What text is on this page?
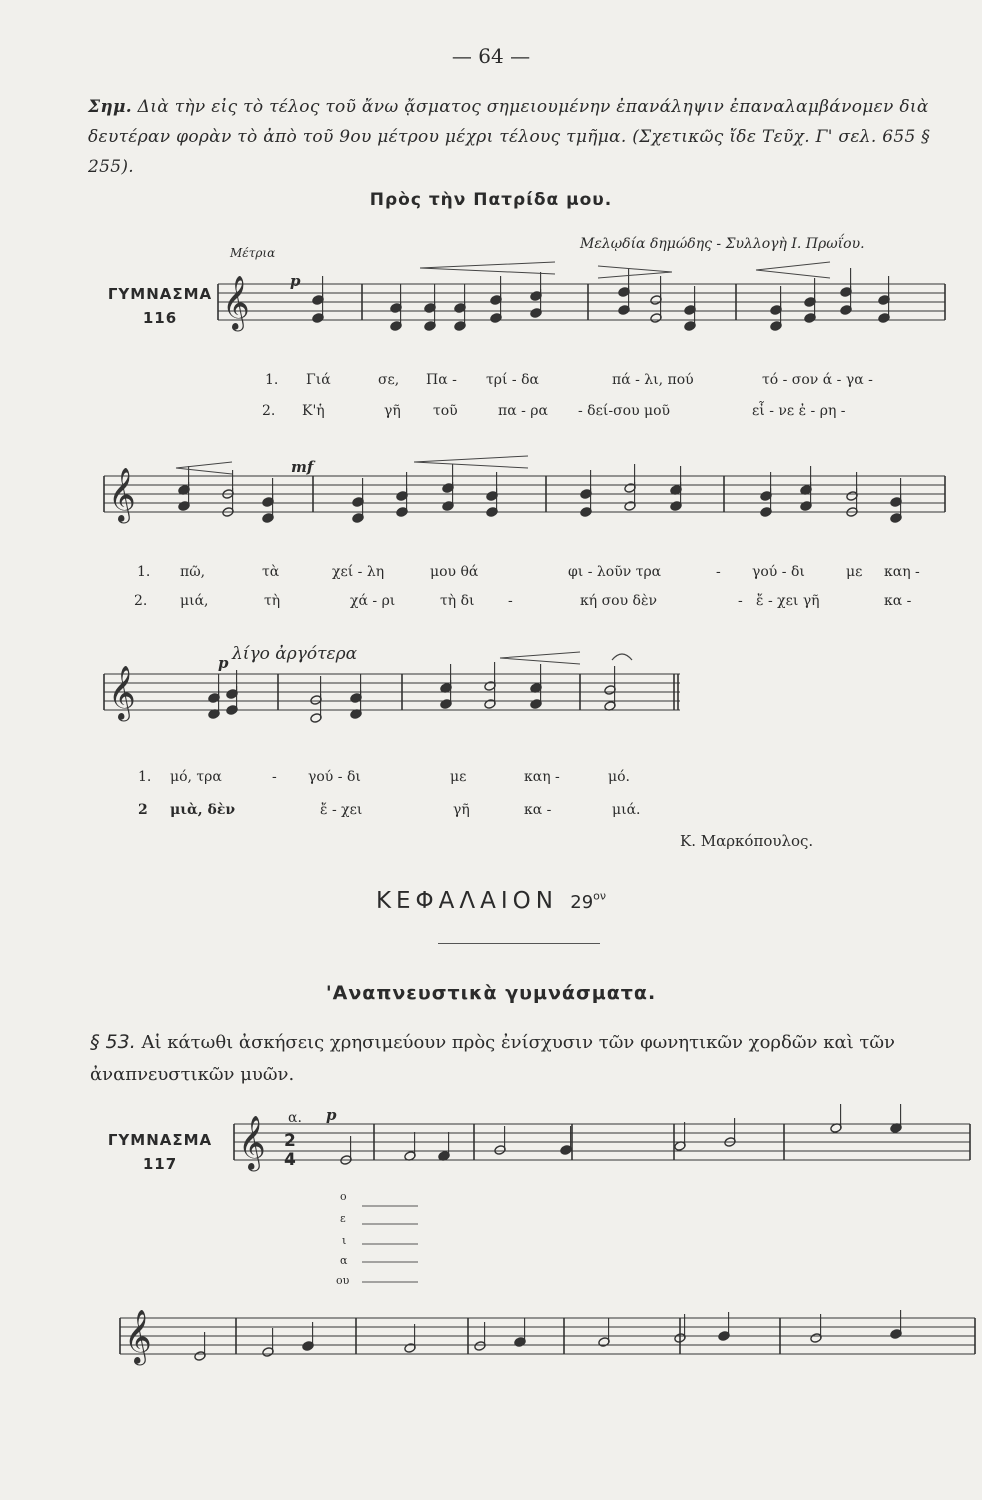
— 64 —
Σημ. Διὰ τὴν εἰς τὸ τέλος τοῦ ἄνω ᾄσματος σημειουμένην ἐπανάληψιν ἐπαναλαμβάνομεν διὰ δευτέραν φορὰν τὸ ἀπὸ τοῦ 9ου μέτρου μέχρι τέλους τμῆμα. (Σχετικῶς ἴδε Τεῦχ. Γ' σελ. 655 § 255).
Πρὸς τὴν Πατρίδα μου.
Μέτρια
Μελῳδία δημώδης - Συλλογὴ Ι. Πρωΐου.
ΓΥΜΝΑΣΜΑ
116
p
mf
p λίγο ἀργότερα
1. Γιά	σε, Πα - τρί - δα	πά - λι, πού	τό - σον ά - γα -
2. Κ'ἡ	γῆ τοῦ	πα - ρα - δεί-σου μοῦ	εἶ - νε ἐ - ρη -
1. πῶ,	τὰ	χεί - λη	μου θά	φι - λοῦν τρα	- γού - δι	με καη -
2. μιά,	τὴ	χά - ρι	τὴ δι -	κή σου δὲν	- ἔ - χει γῆ	κα -
1. μό, τρα	- γού - δι	με	καη -	μό.
2 μιὰ, δὲν	ἔ - χει	γῆ	κα -	μιά.
Κ. Μαρκόπουλος.
ΚΕΦΑΛΑΙΟΝ $29^{o\nu}$
'Αναπνευστικὰ γυμνάσματα.
§ 53. Αἱ κάτωθι ἀσκήσεις χρησιμεύουν πρὸς ἐνίσχυσιν τῶν φωνητικῶν χορδῶν καὶ τῶν ἀναπνευστικῶν μυῶν.
ΓΥΜΝΑΣΜΑ
117
α. p
2
4
ο
ε
ι
α
ου
𝄞
𝄞
𝄞
𝄞
𝄞
